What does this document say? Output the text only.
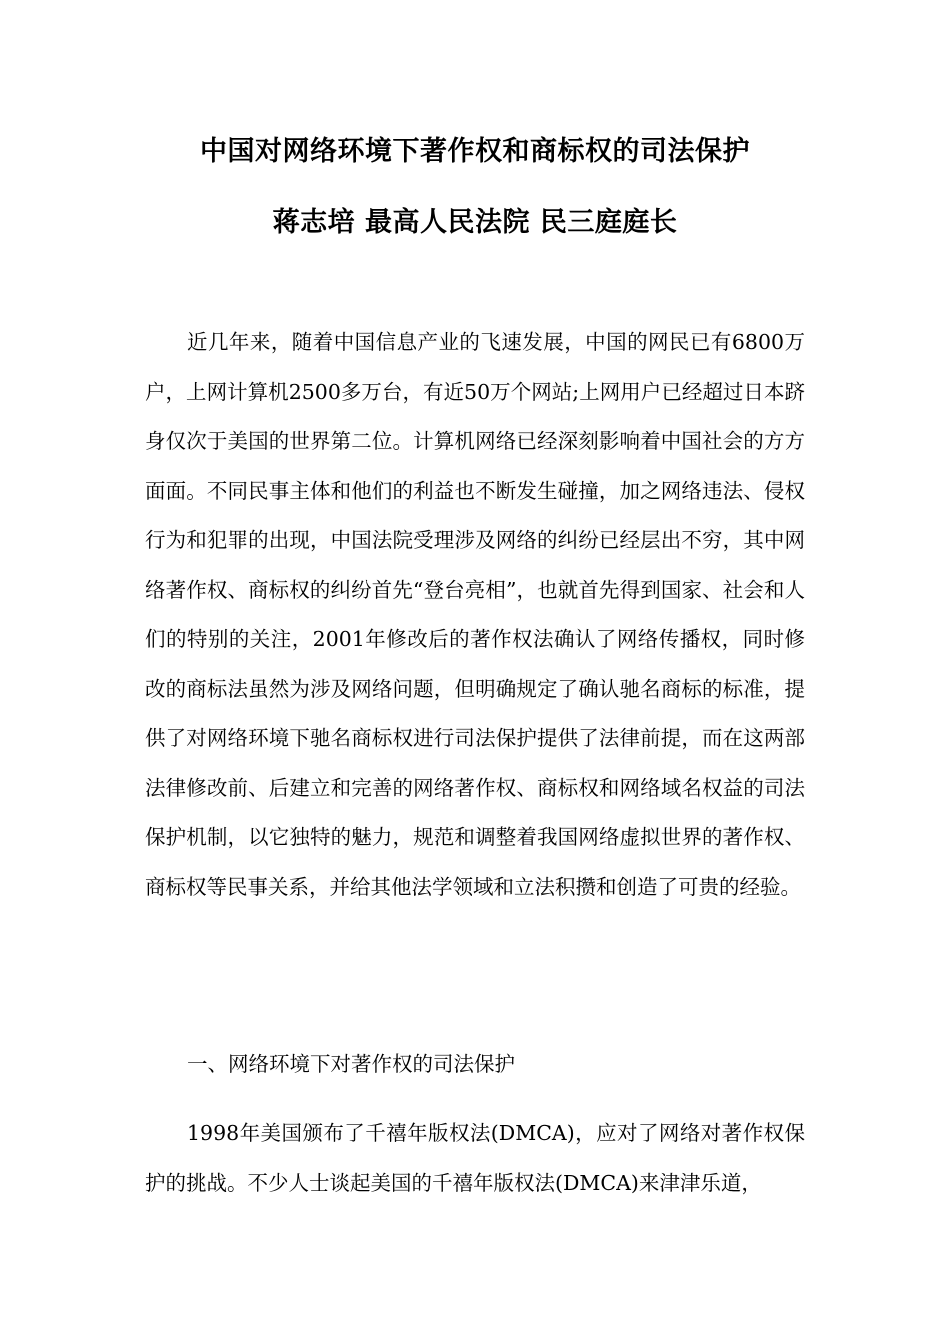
中国对网络环境下著作权和商标权的司法保护
蒋志培 最高人民法院 民三庭庭长

近几年来，随着中国信息产业的飞速发展，中国的网民已有6800万户，上网计算机2500多万台，有近50万个网站;上网用户已经超过日本跻身仅次于美国的世界第二位。计算机网络已经深刻影响着中国社会的方方面面。不同民事主体和他们的利益也不断发生碰撞，加之网络违法、侵权行为和犯罪的出现，中国法院受理涉及网络的纠纷已经层出不穷，其中网络著作权、商标权的纠纷首先“登台亮相”，也就首先得到国家、社会和人们的特别的关注，2001年修改后的著作权法确认了网络传播权，同时修改的商标法虽然为涉及网络问题，但明确规定了确认驰名商标的标准，提供了对网络环境下驰名商标权进行司法保护提供了法律前提，而在这两部法律修改前、后建立和完善的网络著作权、商标权和网络域名权益的司法保护机制，以它独特的魅力，规范和调整着我国网络虚拟世界的著作权、商标权等民事关系，并给其他法学领域和立法积攒和创造了可贵的经验。

一、网络环境下对著作权的司法保护

1998年美国颁布了千禧年版权法(DMCA)，应对了网络对著作权保护的挑战。不少人士谈起美国的千禧年版权法(DMCA)来津津乐道，
